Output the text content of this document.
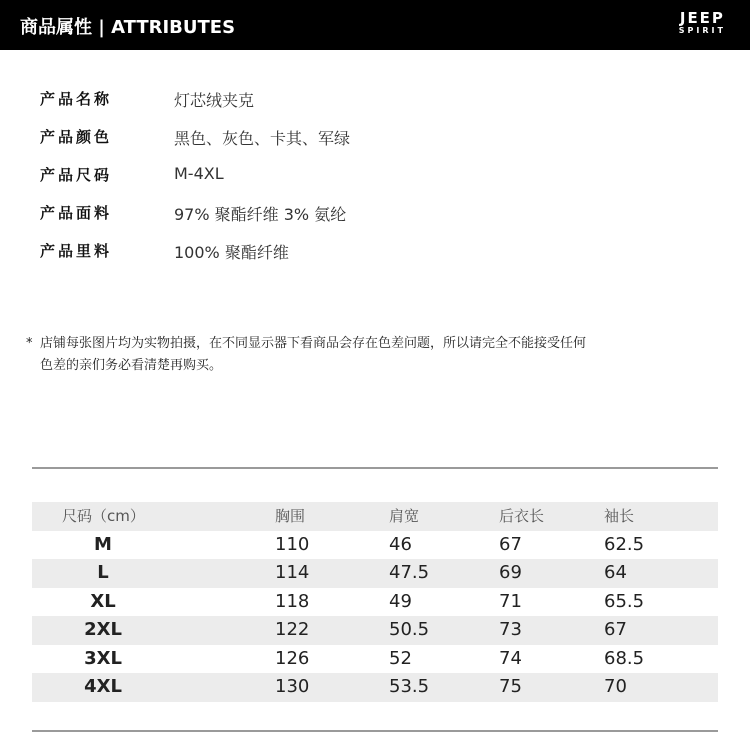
商品属性 | ATTRIBUTES	JEEP
SPIRIT
产品名称	灯芯绒夹克
产品颜色	黑色、灰色、卡其、军绿
产品尺码	M-4XL
产品面料	97% 聚酯纤维 3% 氨纶
产品里料	100% 聚酯纤维
* 店铺每张图片均为实物拍摄，在不同显示器下看商品会存在色差问题，所以请完全不能接受任何
色差的亲们务必看清楚再购买。
尺码（cm）	胸围	肩宽	后衣长	袖长
M	110	46	67	62.5
L	114	47.5	69	64
XL	118	49	71	65.5
2XL	122	50.5	73	67
3XL	126	52	74	68.5
4XL	130	53.5	75	70
